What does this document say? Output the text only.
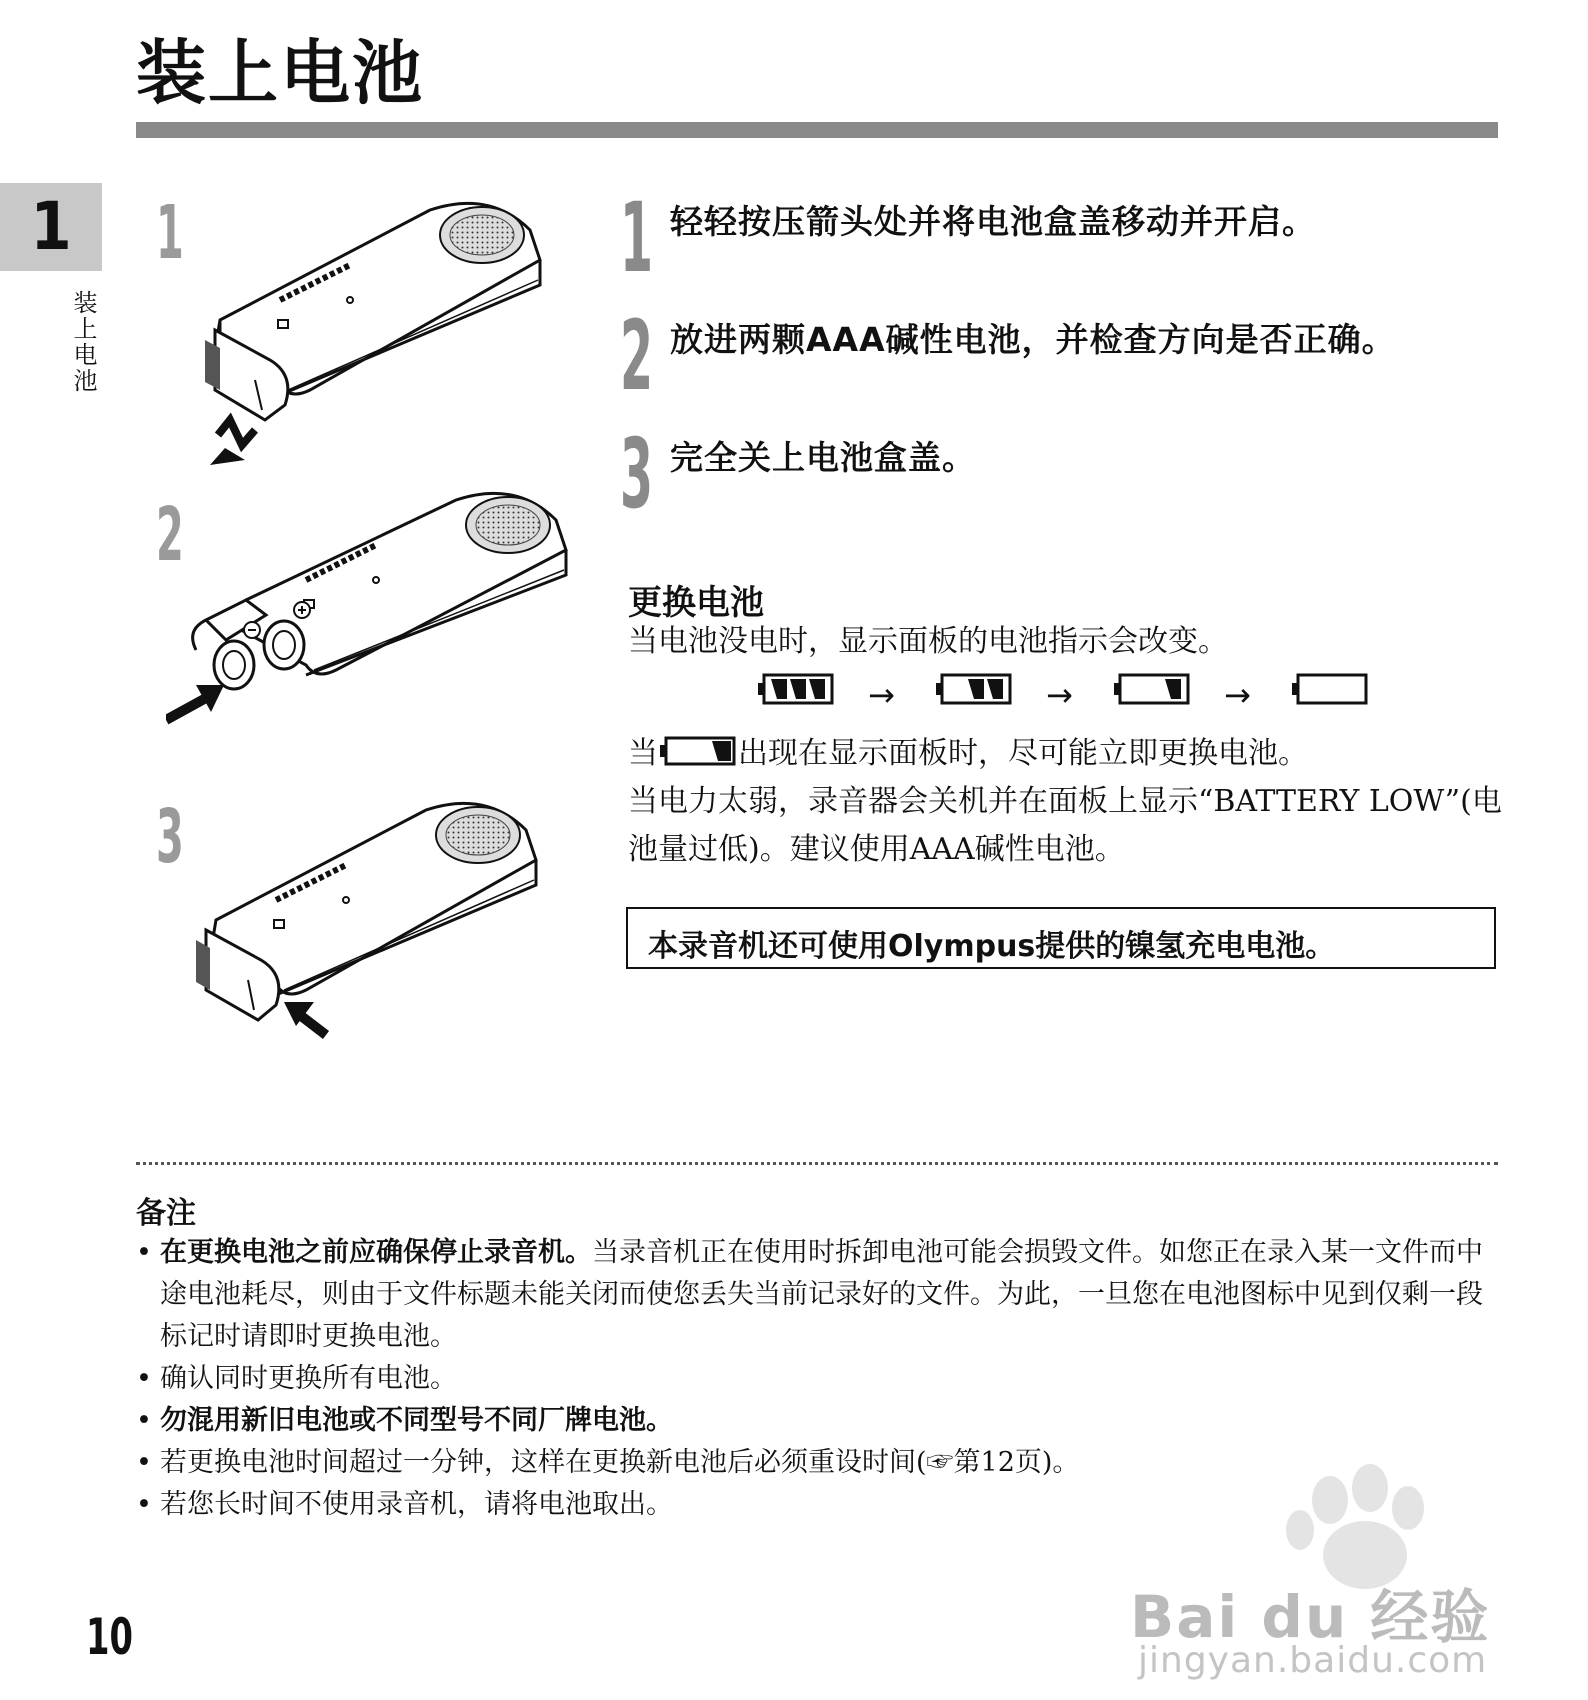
装上电池
1
装上电池
1
2
3
1 轻轻按压箭头处并将电池盒盖移动并开启。
2 放进两颗AAA碱性电池，并检查方向是否正确。
3 完全关上电池盒盖。
更换电池
当电池没电时，显示面板的电池指示会改变。
→	→	→
当	出现在显示面板时，尽可能立即更换电池。
当电力太弱，录音器会关机并在面板上显示“BATTERY LOW”(电
池量过低)。建议使用AAA碱性电池。
本录音机还可使用Olympus提供的镍氢充电电池。
备注
• 在更换电池之前应确保停止录音机。当录音机正在使用时拆卸电池可能会损毁文件。如您正在录入某一文件而中途电池耗尽，则由于文件标题未能关闭而使您丢失当前记录好的文件。为此，一旦您在电池图标中见到仅剩一段标记时请即时更换电池。
• 确认同时更换所有电池。
• 勿混用新旧电池或不同型号不同厂牌电池。
• 若更换电池时间超过一分钟，这样在更换新电池后必须重设时间(☞第12页)。
• 若您长时间不使用录音机，请将电池取出。
10	Bai du 经验
jingyan.baidu.com
